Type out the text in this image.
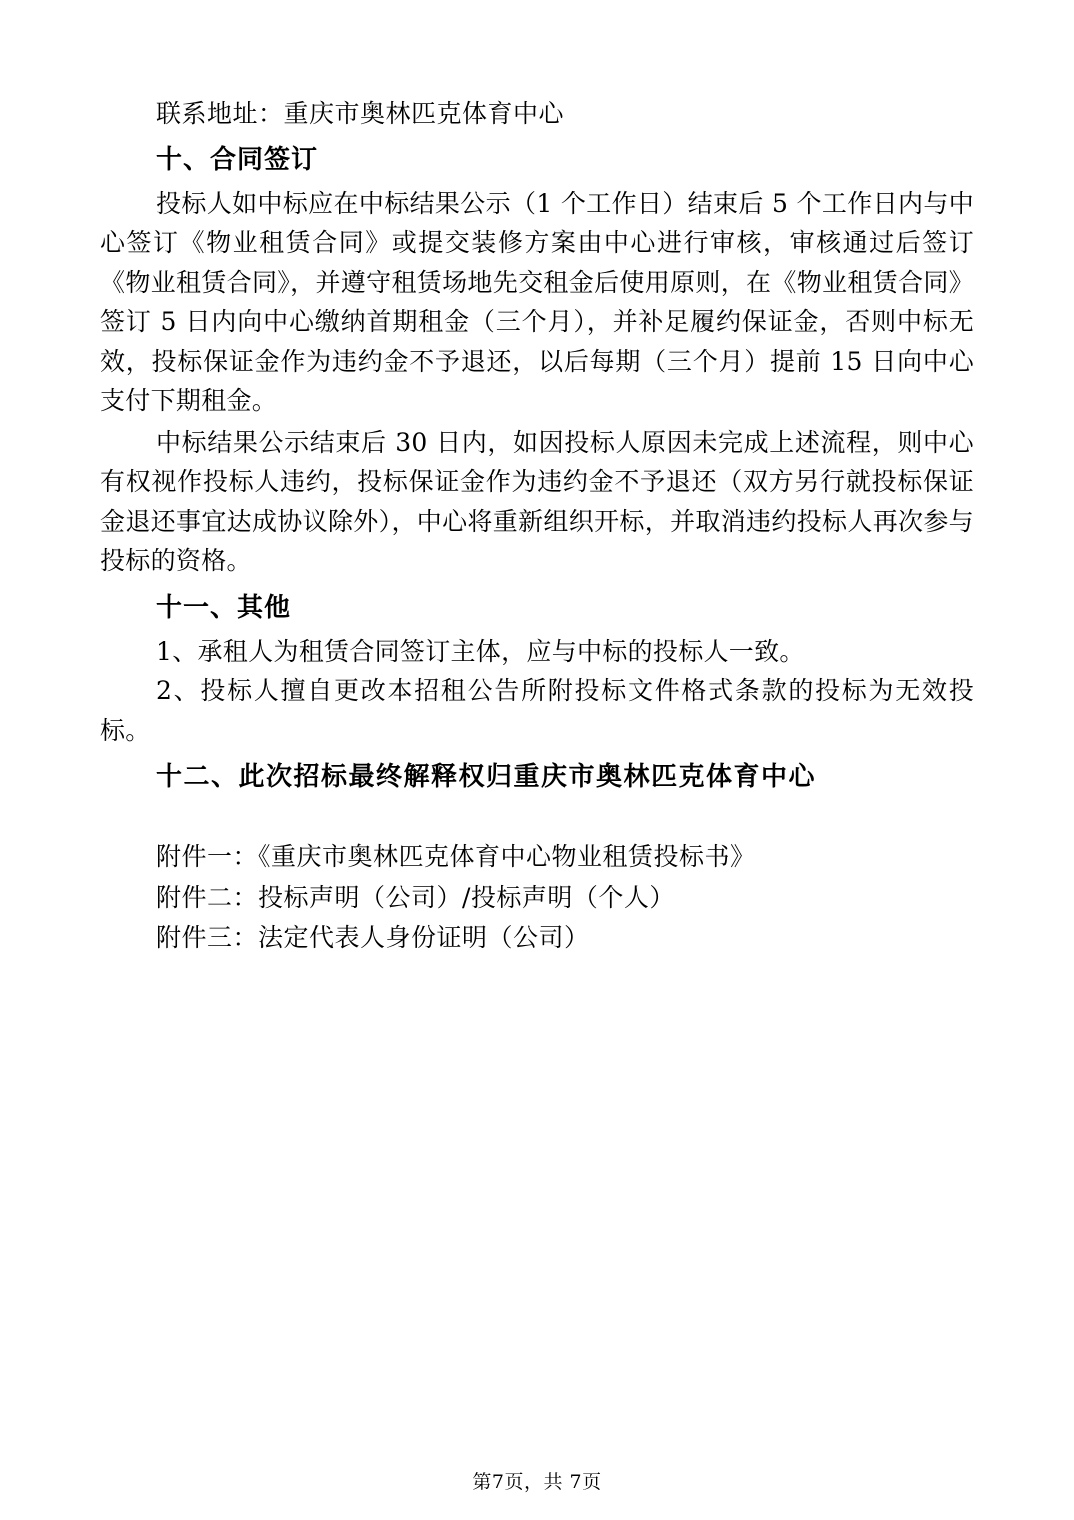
联系地址：重庆市奥林匹克体育中心
十、合同签订

投标人如中标应在中标结果公示（1 个工作日）结束后 5 个工作日内与中心签订《物业租赁合同》或提交装修方案由中心进行审核，审核通过后签订《物业租赁合同》，并遵守租赁场地先交租金后使用原则，在《物业租赁合同》签订 5 日内向中心缴纳首期租金（三个月），并补足履约保证金，否则中标无效，投标保证金作为违约金不予退还，以后每期（三个月）提前 15 日向中心支付下期租金。

中标结果公示结束后 30 日内，如因投标人原因未完成上述流程，则中心有权视作投标人违约，投标保证金作为违约金不予退还（双方另行就投标保证金退还事宜达成协议除外），中心将重新组织开标，并取消违约投标人再次参与投标的资格。

十一、其他

1、承租人为租赁合同签订主体，应与中标的投标人一致。

2、投标人擅自更改本招租公告所附投标文件格式条款的投标为无效投标。

十二、此次招标最终解释权归重庆市奥林匹克体育中心

附件一：《重庆市奥林匹克体育中心物业租赁投标书》

附件二：投标声明（公司）/投标声明（个人）

附件三：法定代表人身份证明（公司）

第7页，共 7页
